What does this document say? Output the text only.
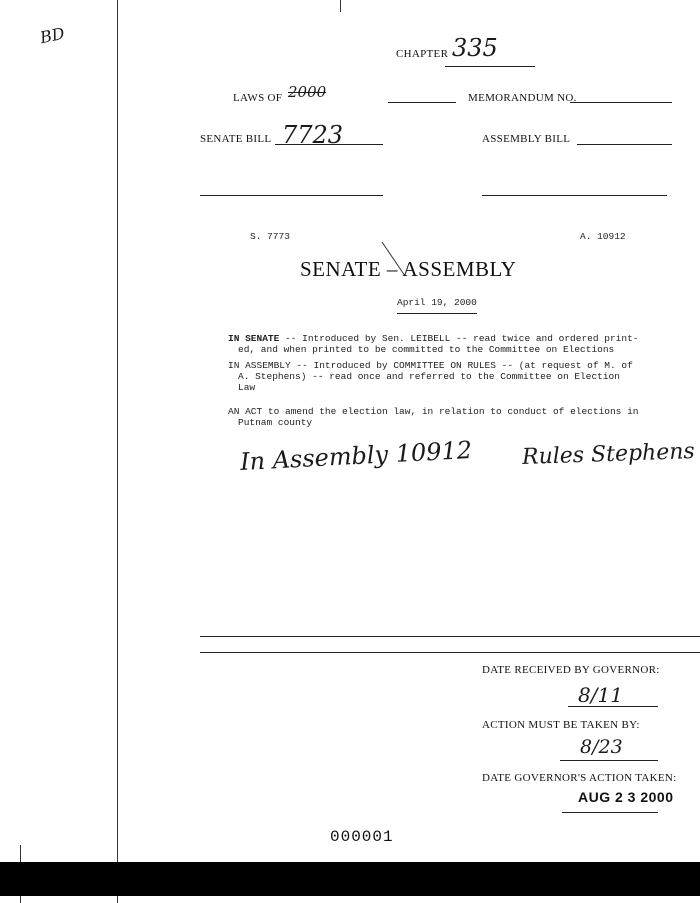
BD
CHAPTER 335
LAWS OF 2000	MEMORANDUM NO.
SENATE BILL 7723	ASSEMBLY BILL
S. 7773	A. 10912
SENATE – ASSEMBLY
April 19, 2000
IN SENATE -- Introduced by Sen. LEIBELL -- read twice and ordered print-
ed, and when printed to be committed to the Committee on Elections
IN ASSEMBLY -- Introduced by COMMITTEE ON RULES -- (at request of M. of
A. Stephens) -- read once and referred to the Committee on Election
Law
AN ACT to amend the election law, in relation to conduct of elections in
Putnam county
In Assembly 10912 Rules Stephens
DATE RECEIVED BY GOVERNOR:
8/11
ACTION MUST BE TAKEN BY:
8/23
DATE GOVERNOR'S ACTION TAKEN:
AUG 2 3 2000
000001
